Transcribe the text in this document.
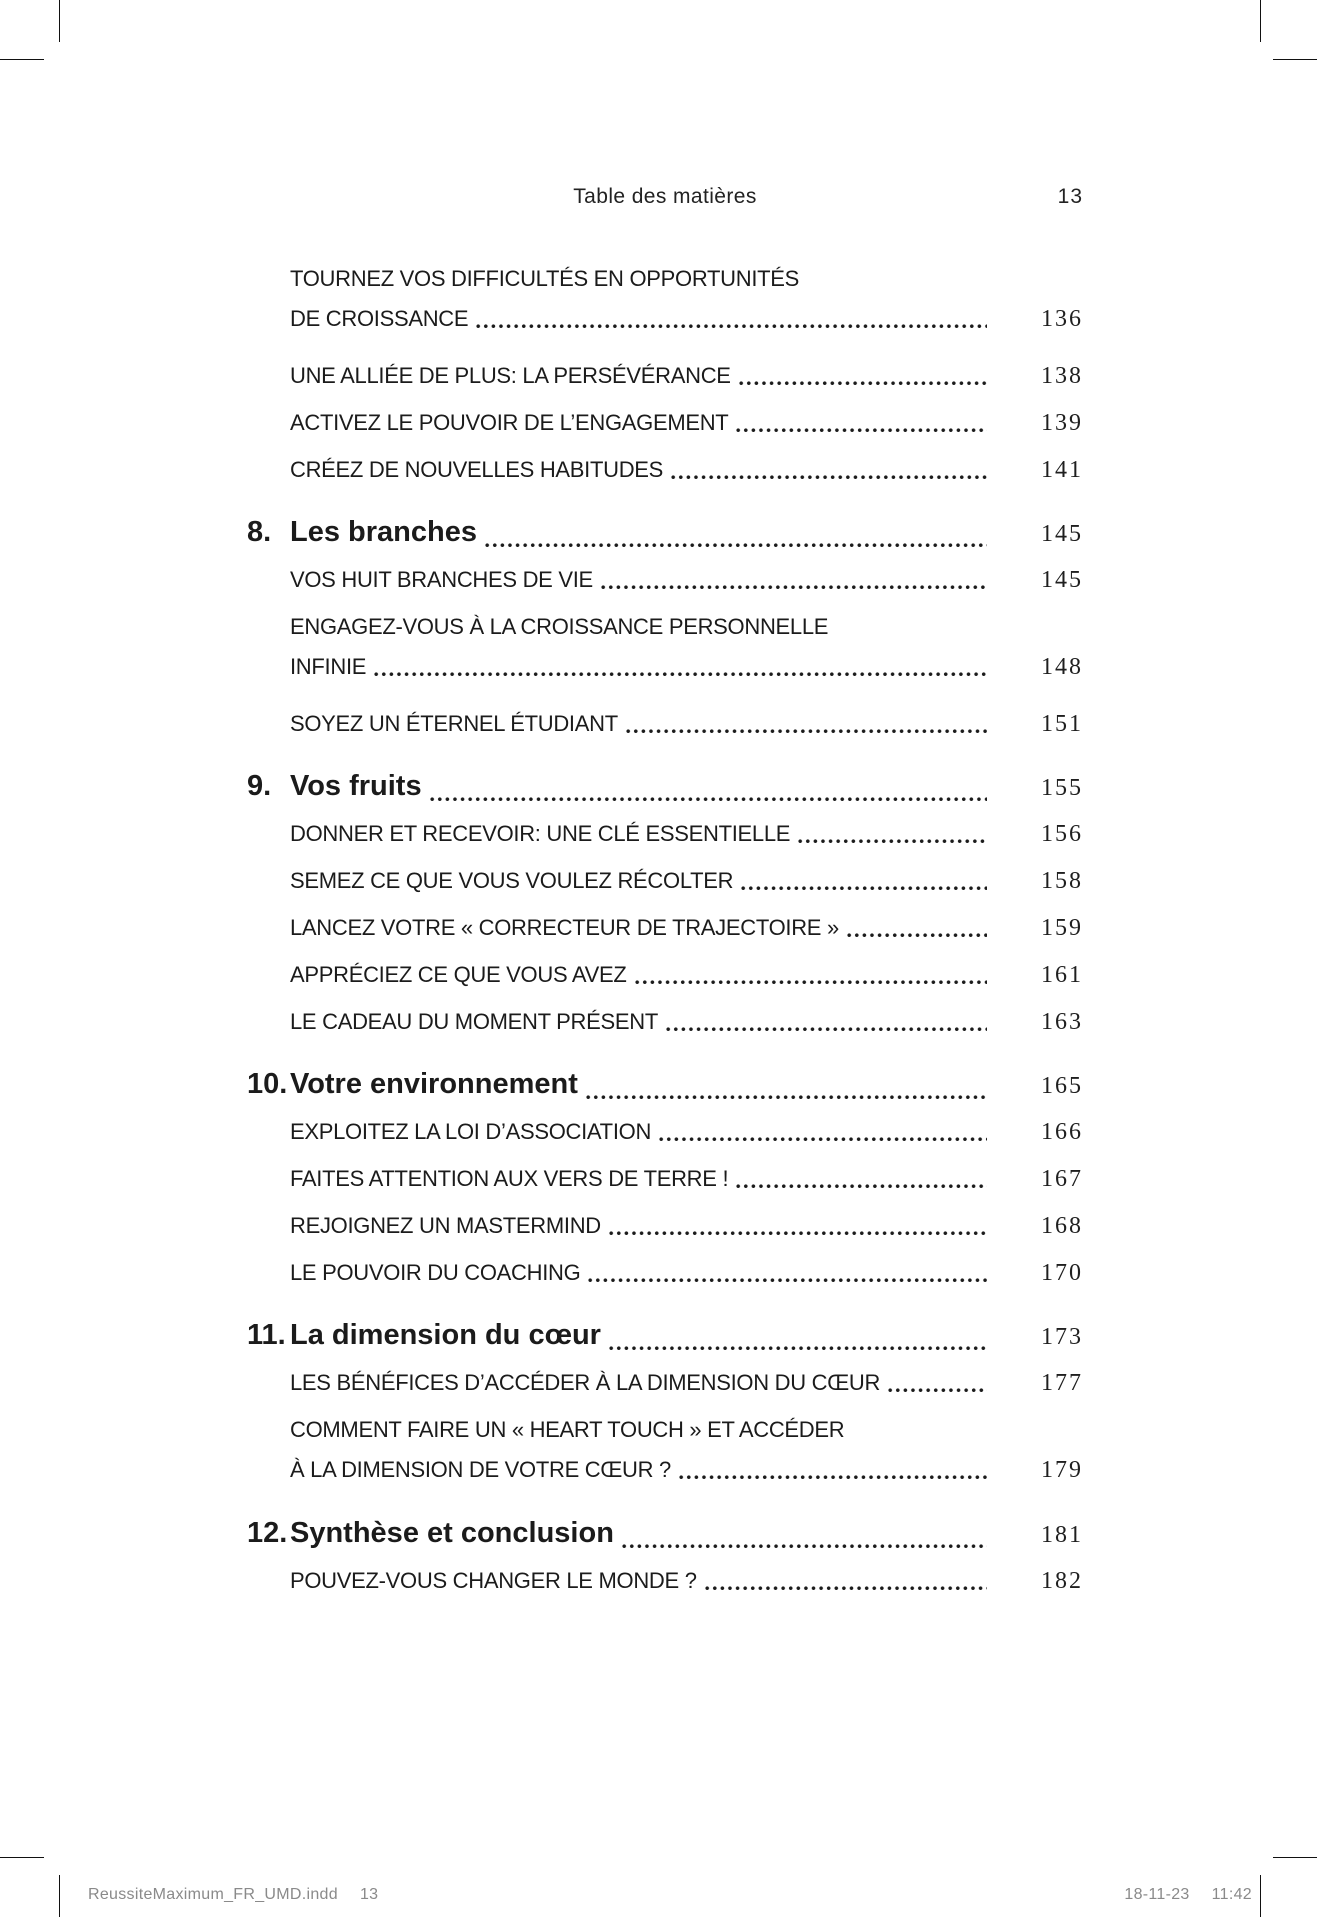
Table des matières	13
TOURNEZ VOS DIFFICULTÉS EN OPPORTUNITÉS
DE CROISSANCE	136
UNE ALLIÉE DE PLUS: LA PERSÉVÉRANCE	138
ACTIVEZ LE POUVOIR DE L’ENGAGEMENT	139
CRÉEZ DE NOUVELLES HABITUDES	141
8. Les branches	145
VOS HUIT BRANCHES DE VIE	145
ENGAGEZ-VOUS À LA CROISSANCE PERSONNELLE
INFINIE	148
SOYEZ UN ÉTERNEL ÉTUDIANT	151
9. Vos fruits	155
DONNER ET RECEVOIR: UNE CLÉ ESSENTIELLE	156
SEMEZ CE QUE VOUS VOULEZ RÉCOLTER	158
LANCEZ VOTRE « CORRECTEUR DE TRAJECTOIRE »	159
APPRÉCIEZ CE QUE VOUS AVEZ	161
LE CADEAU DU MOMENT PRÉSENT	163
10. Votre environnement	165
EXPLOITEZ LA LOI D’ASSOCIATION	166
FAITES ATTENTION AUX VERS DE TERRE !	167
REJOIGNEZ UN MASTERMIND	168
LE POUVOIR DU COACHING	170
11. La dimension du cœur	173
LES BÉNÉFICES D’ACCÉDER À LA DIMENSION DU CŒUR	177
COMMENT FAIRE UN « HEART TOUCH » ET ACCÉDER
À LA DIMENSION DE VOTRE CŒUR ?	179
12. Synthèse et conclusion	181
POUVEZ-VOUS CHANGER LE MONDE ?	182
ReussiteMaximum_FR_UMD.indd 13	18-11-23 11:42
